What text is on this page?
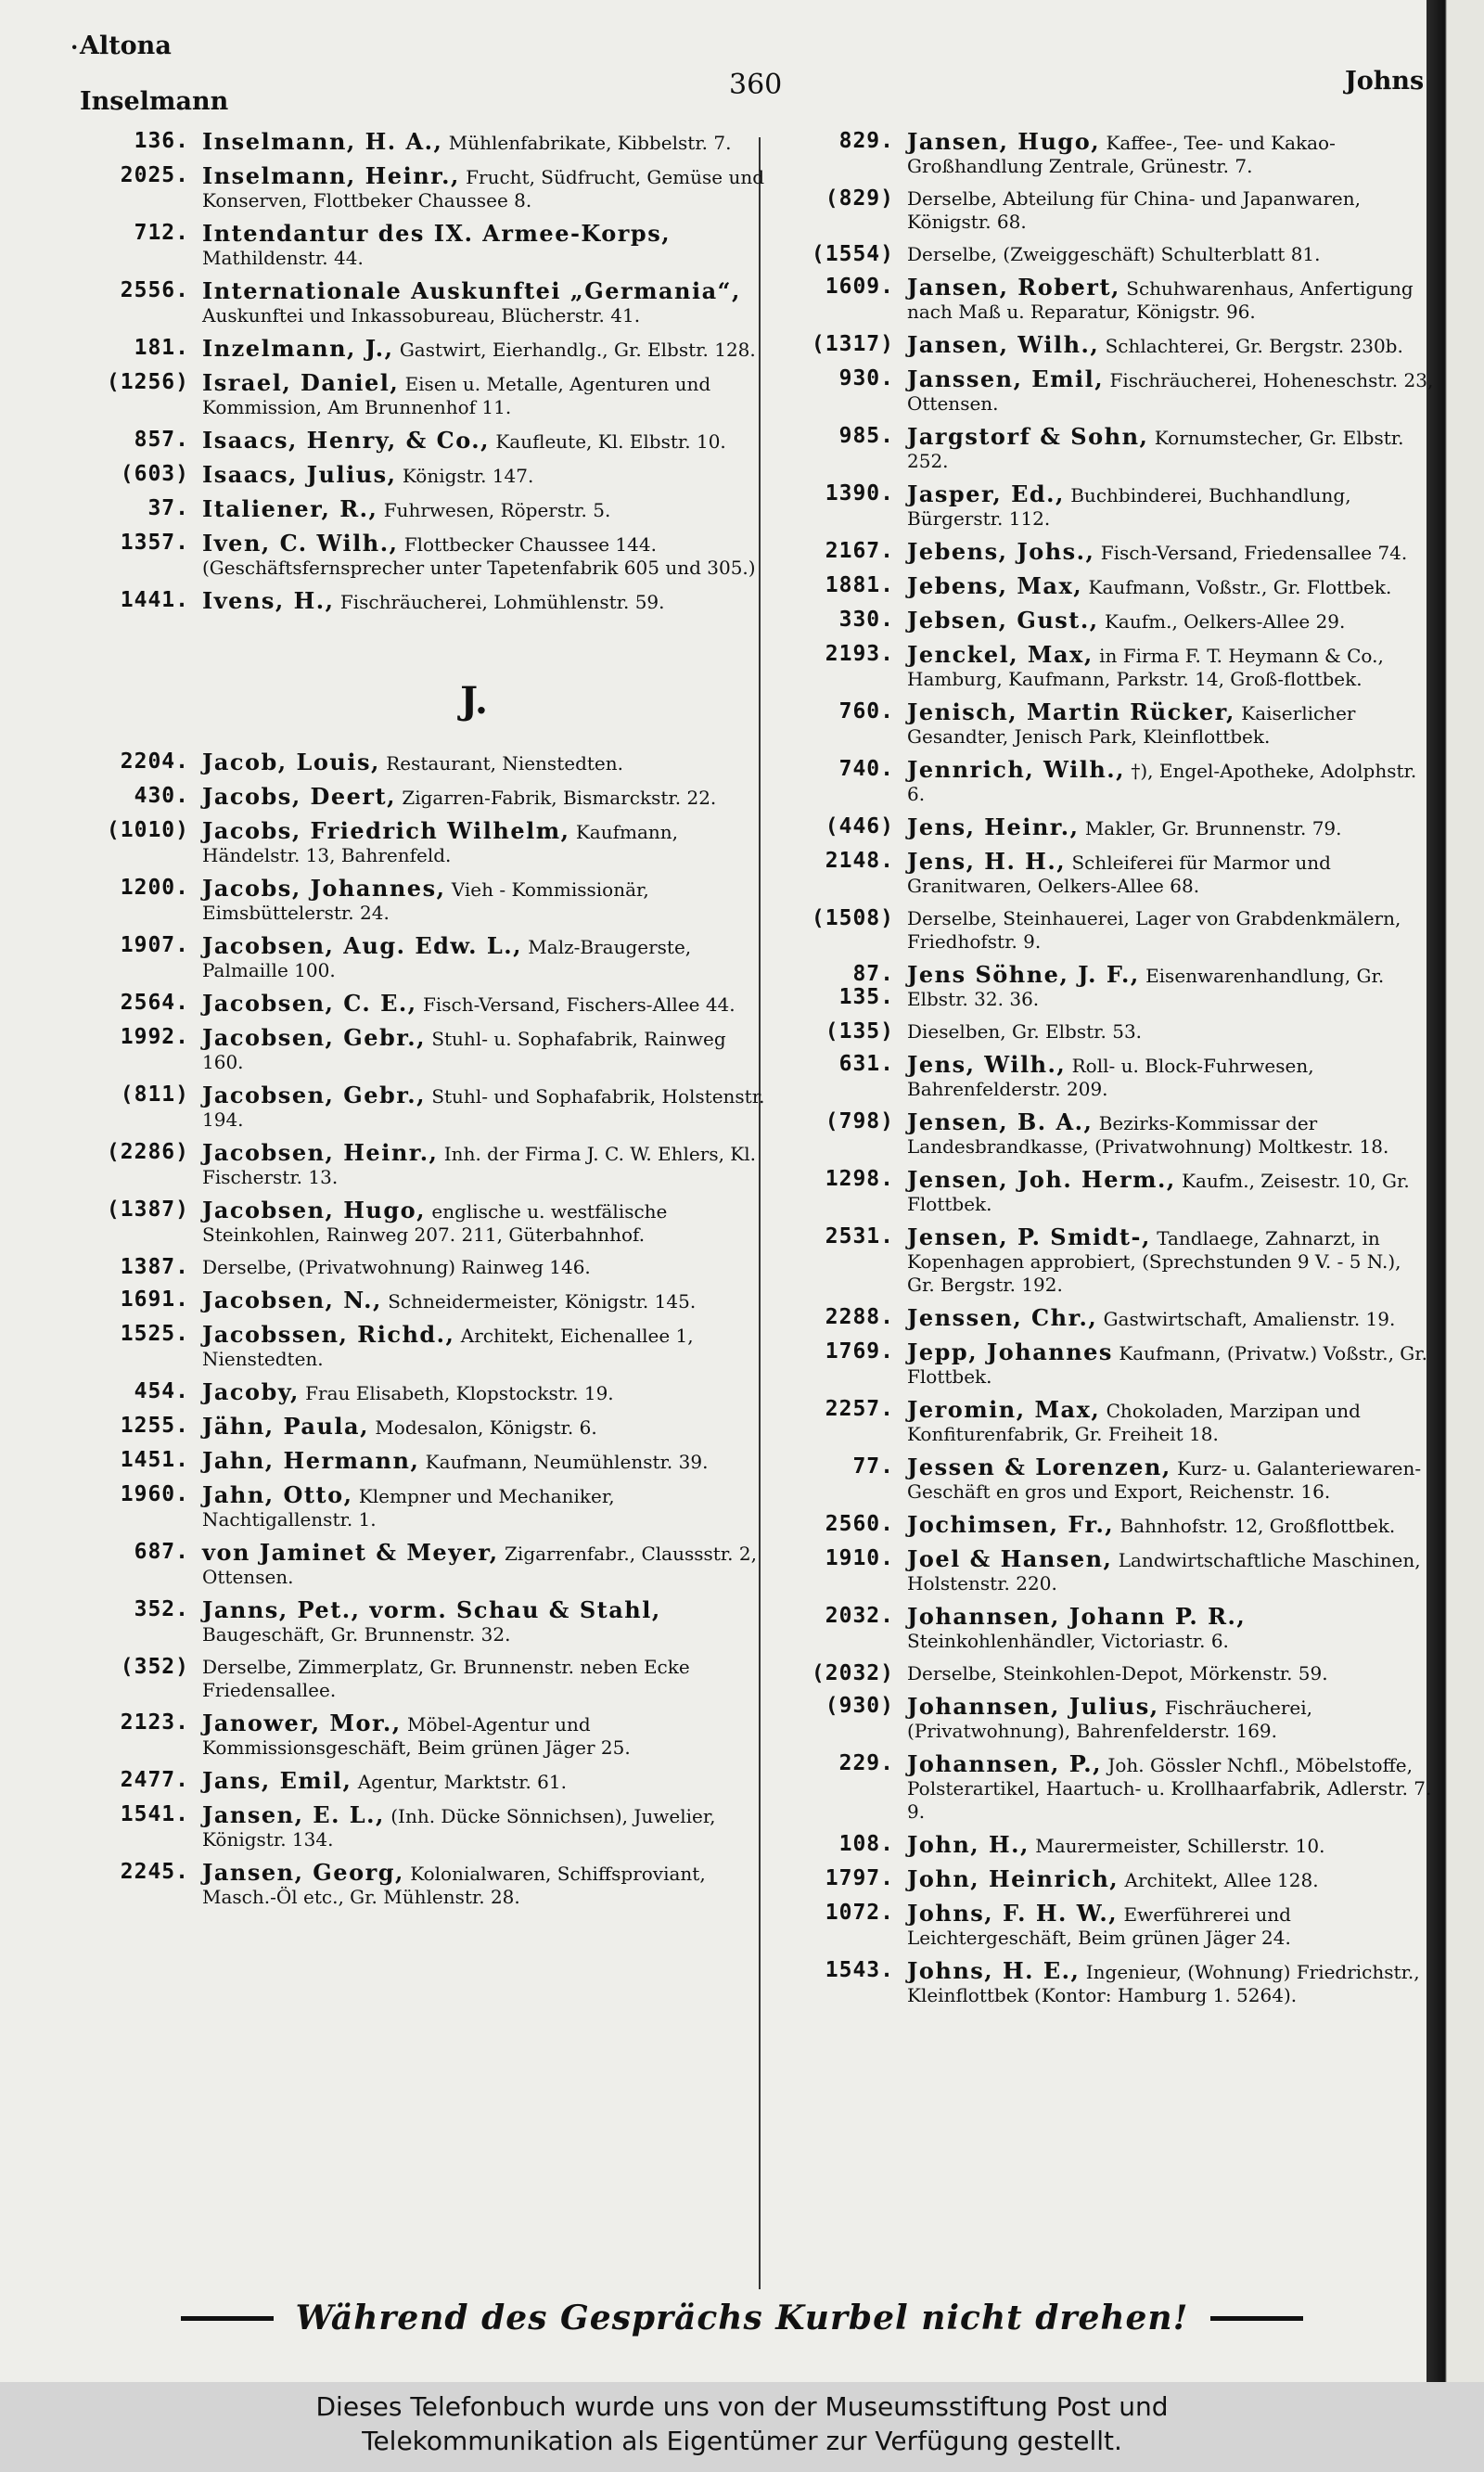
· Altona
Inselmann
360	Johns
136. Inselmann, H. A., Mühlenfabrikate, Kibbelstr. 7.
2025. Inselmann, Heinr., Frucht, Südfrucht, Gemüse und Konserven, Flottbeker Chaussee 8.
712. Intendantur des IX. Armee-Korps, Mathildenstr. 44.
2556. Internationale Auskunftei „Germania“, Auskunftei und Inkassobureau, Blücherstr. 41.
181. Inzelmann, J., Gastwirt, Eierhandlg., Gr. Elbstr. 128.
(1256) Israel, Daniel, Eisen u. Metalle, Agenturen und Kommission, Am Brunnenhof 11.
857. Isaacs, Henry, & Co., Kaufleute, Kl. Elbstr. 10.
(603) Isaacs, Julius, Königstr. 147.
37. Italiener, R., Fuhrwesen, Röperstr. 5.
1357. Iven, C. Wilh., Flottbecker Chaussee 144. (Geschäftsfernsprecher unter Tapetenfabrik 605 und 305.)
1441. Ivens, H., Fischräucherei, Lohmühlenstr. 59.
J.
2204. Jacob, Louis, Restaurant, Nienstedten.
430. Jacobs, Deert, Zigarren-Fabrik, Bismarckstr. 22.
(1010) Jacobs, Friedrich Wilhelm, Kaufmann, Händelstr. 13, Bahrenfeld.
1200. Jacobs, Johannes, Vieh - Kommissionär, Eimsbüttelerstr. 24.
1907. Jacobsen, Aug. Edw. L., Malz-Braugerste, Palmaille 100.
2564. Jacobsen, C. E., Fisch-Versand, Fischers-Allee 44.
1992. Jacobsen, Gebr., Stuhl- u. Sophafabrik, Rainweg 160.
(811) Jacobsen, Gebr., Stuhl- und Sophafabrik, Holstenstr. 194.
(2286) Jacobsen, Heinr., Inh. der Firma J. C. W. Ehlers, Kl. Fischerstr. 13.
(1387) Jacobsen, Hugo, englische u. westfälische Steinkohlen, Rainweg 207. 211, Güterbahnhof.
1387. Derselbe, (Privatwohnung) Rainweg 146.
1691. Jacobsen, N., Schneidermeister, Königstr. 145.
1525. Jacobssen, Richd., Architekt, Eichenallee 1, Nienstedten.
454. Jacoby, Frau Elisabeth, Klopstockstr. 19.
1255. Jähn, Paula, Modesalon, Königstr. 6.
1451. Jahn, Hermann, Kaufmann, Neumühlenstr. 39.
1960. Jahn, Otto, Klempner und Mechaniker, Nachtigallenstr. 1.
687. von Jaminet & Meyer, Zigarrenfabr., Claussstr. 2, Ottensen.
352. Janns, Pet., vorm. Schau & Stahl, Baugeschäft, Gr. Brunnenstr. 32.
(352) Derselbe, Zimmerplatz, Gr. Brunnenstr. neben Ecke Friedensallee.
2123. Janower, Mor., Möbel-Agentur und Kommissionsgeschäft, Beim grünen Jäger 25.
2477. Jans, Emil, Agentur, Marktstr. 61.
1541. Jansen, E. L., (Inh. Dücke Sönnichsen), Juwelier, Königstr. 134.
2245. Jansen, Georg, Kolonialwaren, Schiffsproviant, Masch.-Öl etc., Gr. Mühlenstr. 28.
829. Jansen, Hugo, Kaffee-, Tee- und Kakao-Großhandlung Zentrale, Grünestr. 7.
(829) Derselbe, Abteilung für China- und Japanwaren, Königstr. 68.
(1554) Derselbe, (Zweiggeschäft) Schulterblatt 81.
1609. Jansen, Robert, Schuhwarenhaus, Anfertigung nach Maß u. Reparatur, Königstr. 96.
(1317) Jansen, Wilh., Schlachterei, Gr. Bergstr. 230b.
930. Janssen, Emil, Fischräucherei, Hoheneschstr. 23, Ottensen.
985. Jargstorf & Sohn, Kornumstecher, Gr. Elbstr. 252.
1390. Jasper, Ed., Buchbinderei, Buchhandlung, Bürgerstr. 112.
2167. Jebens, Johs., Fisch-Versand, Friedensallee 74.
1881. Jebens, Max, Kaufmann, Voßstr., Gr. Flottbek.
330. Jebsen, Gust., Kaufm., Oelkers-Allee 29.
2193. Jenckel, Max, in Firma F. T. Heymann & Co., Hamburg, Kaufmann, Parkstr. 14, Groß-flottbek.
760. Jenisch, Martin Rücker, Kaiserlicher Gesandter, Jenisch Park, Kleinflottbek.
740. Jennrich, Wilh., †), Engel-Apotheke, Adolphstr. 6.
(446) Jens, Heinr., Makler, Gr. Brunnenstr. 79.
2148. Jens, H. H., Schleiferei für Marmor und Granitwaren, Oelkers-Allee 68.
(1508) Derselbe, Steinhauerei, Lager von Grabdenkmälern, Friedhofstr. 9.
87. 135.
Jens Söhne, J. F., Eisenwarenhandlung, Gr. Elbstr. 32. 36.
(135) Dieselben, Gr. Elbstr. 53.
631. Jens, Wilh., Roll- u. Block-Fuhrwesen, Bahrenfelderstr. 209.
(798) Jensen, B. A., Bezirks-Kommissar der Landesbrandkasse, (Privatwohnung) Moltkestr. 18.
1298. Jensen, Joh. Herm., Kaufm., Zeisestr. 10, Gr. Flottbek.
2531. Jensen, P. Smidt-, Tandlaege, Zahnarzt, in Kopenhagen approbiert, (Sprechstunden 9 V. - 5 N.), Gr. Bergstr. 192.
2288. Jenssen, Chr., Gastwirtschaft, Amalienstr. 19.
1769. Jepp, Johannes Kaufmann, (Privatw.) Voßstr., Gr. Flottbek.
2257. Jeromin, Max, Chokoladen, Marzipan und Konfiturenfabrik, Gr. Freiheit 18.
77. Jessen & Lorenzen, Kurz- u. Galanteriewaren-Geschäft en gros und Export, Reichenstr. 16.
2560. Jochimsen, Fr., Bahnhofstr. 12, Großflottbek.
1910. Joel & Hansen, Landwirtschaftliche Maschinen, Holstenstr. 220.
2032. Johannsen, Johann P. R., Steinkohlenhändler, Victoriastr. 6.
(2032) Derselbe, Steinkohlen-Depot, Mörkenstr. 59.
(930) Johannsen, Julius, Fischräucherei, (Privatwohnung), Bahrenfelderstr. 169.
229. Johannsen, P., Joh. Gössler Nchfl., Möbelstoffe, Polsterartikel, Haartuch- u. Krollhaarfabrik, Adlerstr. 7. 9.
108. John, H., Maurermeister, Schillerstr. 10.
1797. John, Heinrich, Architekt, Allee 128.
1072. Johns, F. H. W., Ewerführerei und Leichtergeschäft, Beim grünen Jäger 24.
1543. Johns, H. E., Ingenieur, (Wohnung) Friedrichstr., Kleinflottbek (Kontor: Hamburg 1. 5264).
Während des Gesprächs Kurbel nicht drehen!
Dieses Telefonbuch wurde uns von der Museumsstiftung Post und
Telekommunikation als Eigentümer zur Verfügung gestellt.
